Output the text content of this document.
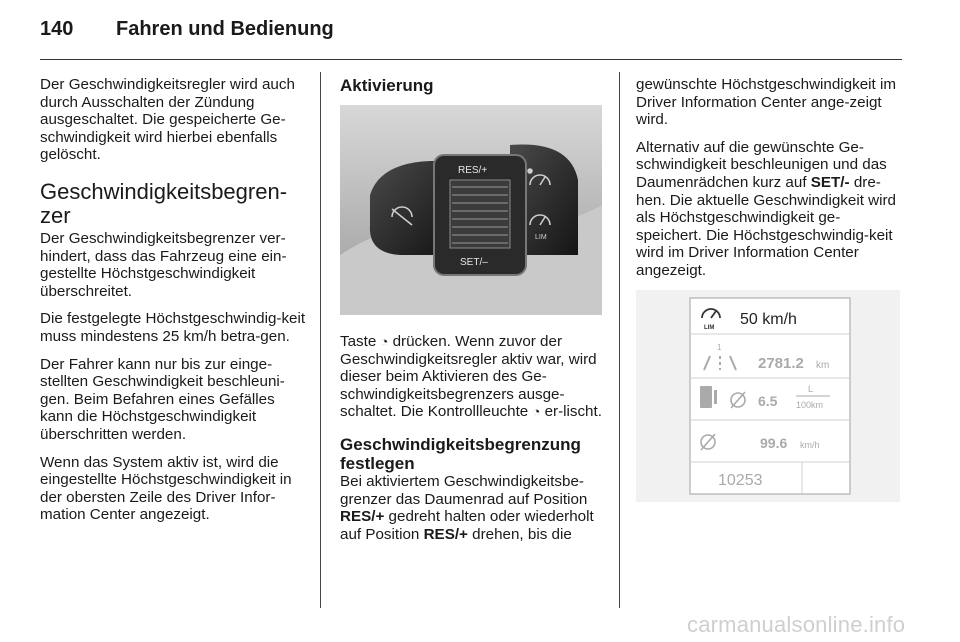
140 Fahren und Bedienung

Der Geschwindigkeitsregler wird auch durch Ausschalten der Zündung ausgeschaltet. Die gespeicherte Ge-schwindigkeit wird hierbei ebenfalls gelöscht.

Geschwindigkeitsbegren-zer

Der Geschwindigkeitsbegrenzer ver-hindert, dass das Fahrzeug eine ein-gestellte Höchstgeschwindigkeit überschreitet.

Die festgelegte Höchstgeschwindig-keit muss mindestens 25 km/h betra-gen.

Der Fahrer kann nur bis zur einge-stellten Geschwindigkeit beschleuni-gen. Beim Befahren eines Gefälles kann die Höchstgeschwindigkeit überschritten werden.

Wenn das System aktiv ist, wird die eingestellte Höchstgeschwindigkeit in der obersten Zeile des Driver Infor-mation Center angezeigt.

Aktivierung
RES/+
SET/–
LIM

Taste ◔ drücken. Wenn zuvor der Geschwindigkeitsregler aktiv war, wird dieser beim Aktivieren des Ge-schwindigkeitsbegrenzers ausge-schaltet. Die Kontrollleuchte ◔ er-lischt.

Geschwindigkeitsbegrenzung festlegen

Bei aktiviertem Geschwindigkeitsbe-grenzer das Daumenrad auf Position RES/+ gedreht halten oder wiederholt auf Position RES/+ drehen, bis die

gewünschte Höchstgeschwindigkeit im Driver Information Center ange-zeigt wird.

Alternativ auf die gewünschte Ge-schwindigkeit beschleunigen und das Daumenrädchen kurz auf SET/- dre-hen. Die aktuelle Geschwindigkeit wird als Höchstgeschwindigkeit ge-speichert. Die Höchstgeschwindig-keit wird im Driver Information Center angezeigt.

LIM 50 km/h
1
2781.2 km
6.5
L
100km
99.6 km/h
10253
carmanualsonline.info
